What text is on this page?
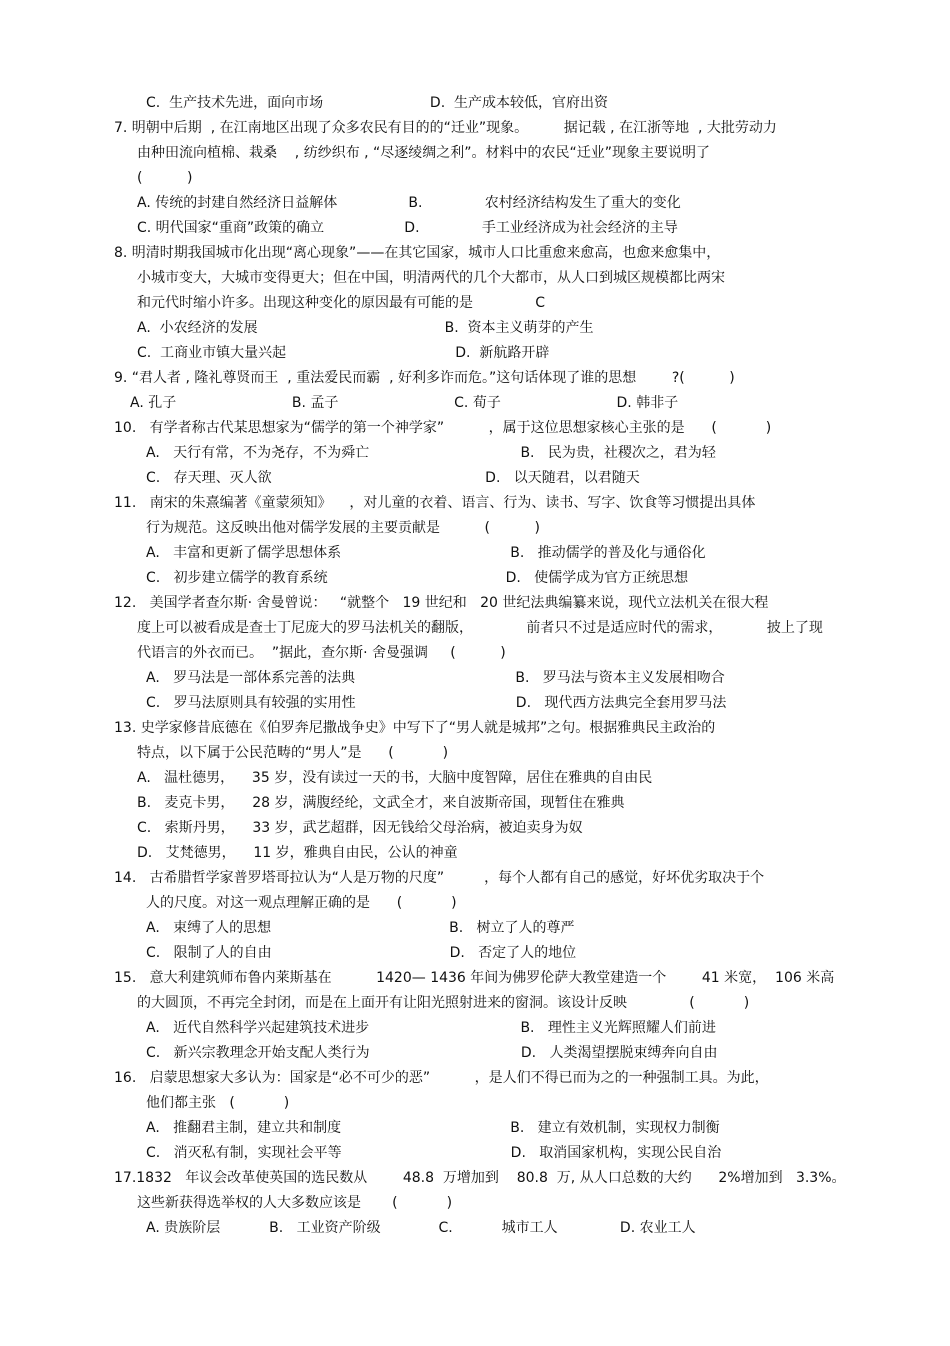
C.  生产技术先进，面向市场                        D.  生产成本较低，官府出资
7. 明朝中后期  , 在江南地区出现了众多农民有目的的“迁业”现象。        据记载 , 在江浙等地  , 大批劳动力
由种田流向植棉、栽桑    , 纺纱织布 , “尽逐绫绸之利”。材料中的农民“迁业”现象主要说明了
(          )
A. 传统的封建自然经济日益解体                B.              农村经济结构发生了重大的变化
C. 明代国家“重商”政策的确立                  D.              手工业经济成为社会经济的主导
8. 明清时期我国城市化出现“离心现象”——在其它国家，城市人口比重愈来愈高，也愈来愈集中，
小城市变大，大城市变得更大；但在中国，明清两代的几个大都市，从人口到城区规模都比两宋
和元代时缩小许多。出现这种变化的原因最有可能的是              C
A.  小农经济的发展                                          B.  资本主义萌芽的产生
C.  工商业市镇大量兴起                                      D.  新航路开辟
9. “君人者 , 隆礼尊贤而王  , 重法爱民而霸  , 好利多诈而危。”这句话体现了谁的思想        ?(          )
A. 孔子                          B. 孟子                          C. 荀子                          D. 韩非子
10.   有学者称古代某思想家为“儒学的第一个神学家”          ，属于这位思想家核心主张的是      (           )
A.   天行有常，不为尧存，不为舜亡                                  B.   民为贵，社稷次之，君为轻
C.   存天理、灭人欲                                                D.   以天随君，以君随天
11.   南宋的朱熹编著《童蒙须知》    ，对儿童的衣着、语言、行为、读书、写字、饮食等习惯提出具体
行为规范。这反映出他对儒学发展的主要贡献是          (          )
A.   丰富和更新了儒学思想体系                                      B.   推动儒学的普及化与通俗化
C.   初步建立儒学的教育系统                                        D.   使儒学成为官方正统思想
12.   美国学者查尔斯· 舍曼曾说：   “就整个   19 世纪和   20 世纪法典编纂来说，现代立法机关在很大程
度上可以被看成是查士丁尼庞大的罗马法机关的翻版，            前者只不过是适应时代的需求，          披上了现
代语言的外衣而已。  ”据此，查尔斯· 舍曼强调     (          )
A.   罗马法是一部体系完善的法典                                    B.   罗马法与资本主义发展相吻合
C.   罗马法原则具有较强的实用性                                    D.   现代西方法典完全套用罗马法
13. 史学家修昔底德在《伯罗奔尼撒战争史》中写下了“男人就是城邦”之句。根据雅典民主政治的
特点，以下属于公民范畴的“男人”是      (           )
A.   温杜德男，    35 岁，没有读过一天的书，大脑中度智障，居住在雅典的自由民
B.   麦克卡男，    28 岁，满腹经纶，文武全才，来自波斯帝国，现暂住在雅典
C.   索斯丹男，    33 岁，武艺超群，因无钱给父母治病，被迫卖身为奴
D.   艾梵德男，    11 岁，雅典自由民，公认的神童
14.   古希腊哲学家普罗塔哥拉认为“人是万物的尺度”         ，每个人都有自己的感觉，好坏优劣取决于个
人的尺度。对这一观点理解正确的是      (           )
A.   束缚了人的思想                                        B.   树立了人的尊严
C.   限制了人的自由                                        D.   否定了人的地位
15.   意大利建筑师布鲁内莱斯基在          1420— 1436 年间为佛罗伦萨大教堂建造一个        41 米宽，  106 米高
的大圆顶，不再完全封闭，而是在上面开有让阳光照射进来的窗洞。该设计反映              (           )
A.   近代自然科学兴起建筑技术进步                                  B.   理性主义光辉照耀人们前进
C.   新兴宗教理念开始支配人类行为                                  D.   人类渴望摆脱束缚奔向自由
16.   启蒙思想家大多认为：国家是“必不可少的恶”          ，是人们不得已而为之的一种强制工具。为此，
他们都主张   (           )
A.   推翻君主制，建立共和制度                                      B.   建立有效机制，实现权力制衡
C.   消灭私有制，实现社会平等                                      D.   取消国家机构，实现公民自治
17.1832   年议会改革使英国的选民数从        48.8  万增加到    80.8  万, 从人口总数的大约      2%增加到   3.3%。
这些新获得选举权的人大多数应该是       (           )
A. 贵族阶层           B.   工业资产阶级             C.           城市工人              D. 农业工人
